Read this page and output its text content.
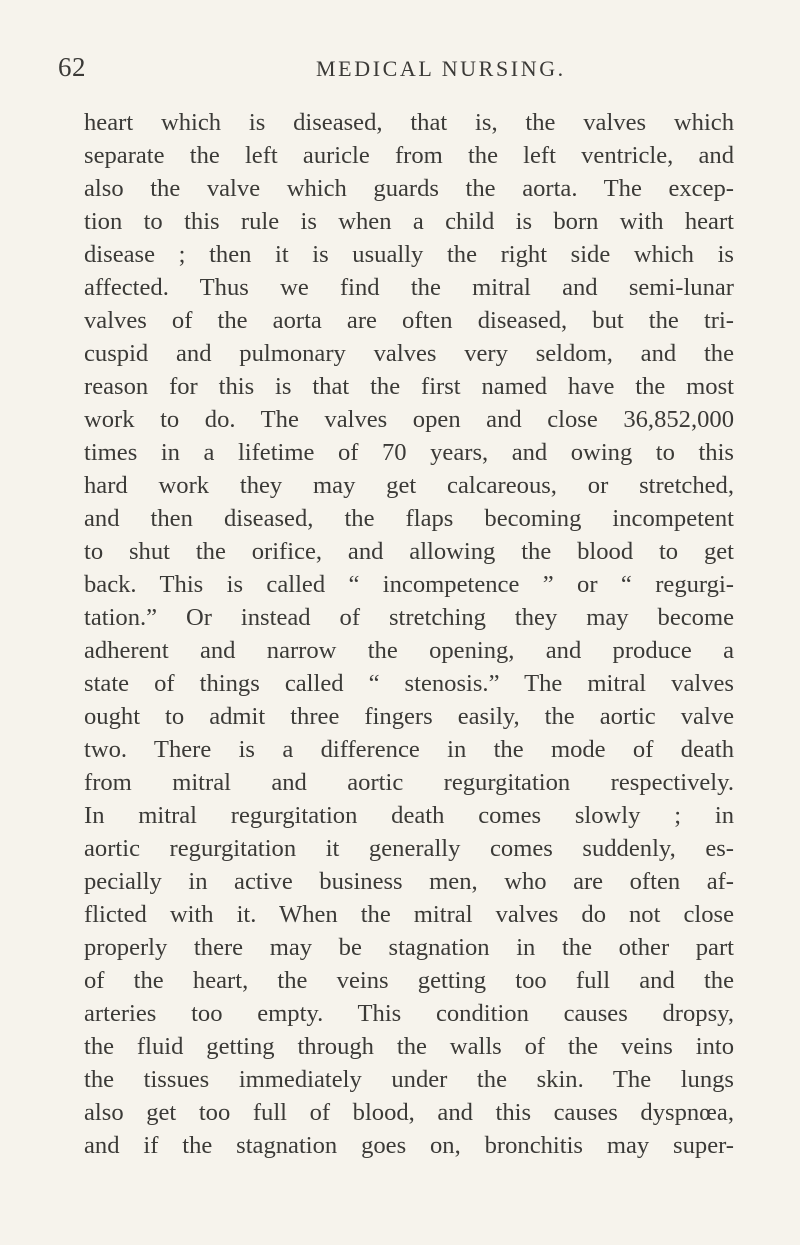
62	MEDICAL NURSING.
heart which is diseased, that is, the valves which
separate the left auricle from the left ventricle, and
also the valve which guards the aorta. The excep-
tion to this rule is when a child is born with heart
disease ; then it is usually the right side which is
affected. Thus we find the mitral and semi-lunar
valves of the aorta are often diseased, but the tri-
cuspid and pulmonary valves very seldom, and the
reason for this is that the first named have the most
work to do. The valves open and close 36,852,000
times in a lifetime of 70 years, and owing to this
hard work they may get calcareous, or stretched,
and then diseased, the flaps becoming incompetent
to shut the orifice, and allowing the blood to get
back. This is called “ incompetence ” or “ regurgi-
tation.” Or instead of stretching they may become
adherent and narrow the opening, and produce a
state of things called “ stenosis.” The mitral valves
ought to admit three fingers easily, the aortic valve
two. There is a difference in the mode of death
from mitral and aortic regurgitation respectively.
In mitral regurgitation death comes slowly ; in
aortic regurgitation it generally comes suddenly, es-
pecially in active business men, who are often af-
flicted with it. When the mitral valves do not close
properly there may be stagnation in the other part
of the heart, the veins getting too full and the
arteries too empty. This condition causes dropsy,
the fluid getting through the walls of the veins into
the tissues immediately under the skin. The lungs
also get too full of blood, and this causes dyspnœa,
and if the stagnation goes on, bronchitis may super-
